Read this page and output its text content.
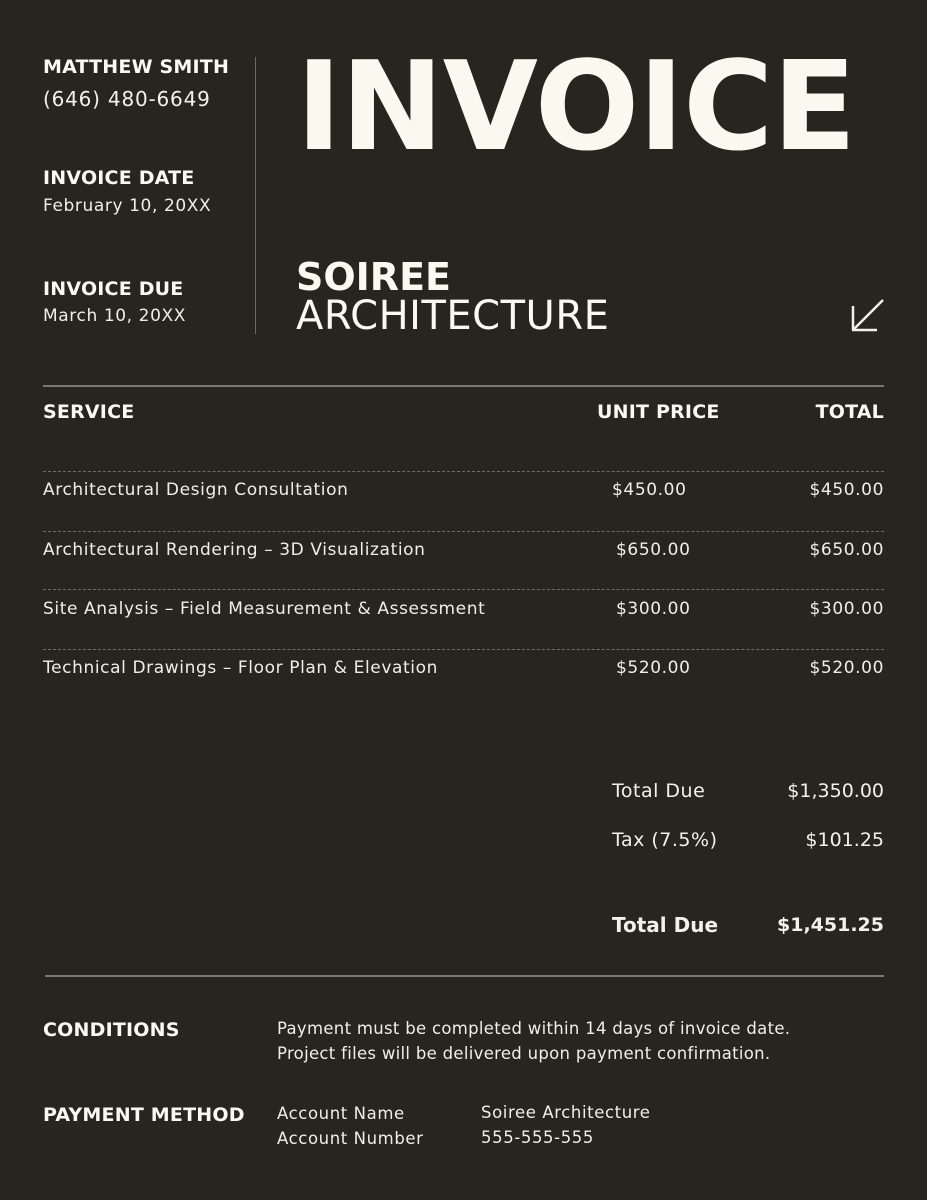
MATTHEW SMITH
(646) 480-6649
INVOICE DATE
February 10, 20XX
INVOICE DUE
March 10, 20XX
INVOICE
SOIREE
ARCHITECTURE
SERVICE	UNIT PRICE	TOTAL
Architectural Design Consultation	$450.00	$450.00
Architectural Rendering – 3D Visualization	$650.00	$650.00
Site Analysis – Field Measurement & Assessment	$300.00	$300.00
Technical Drawings – Floor Plan & Elevation	$520.00	$520.00
Total Due	$1,350.00
Tax (7.5%)	$101.25
Total Due	$1,451.25
CONDITIONS	Payment must be completed within 14 days of invoice date.
Project files will be delivered upon payment confirmation.
PAYMENT METHOD Account Name	Soiree Architecture
Account Number	555-555-555
